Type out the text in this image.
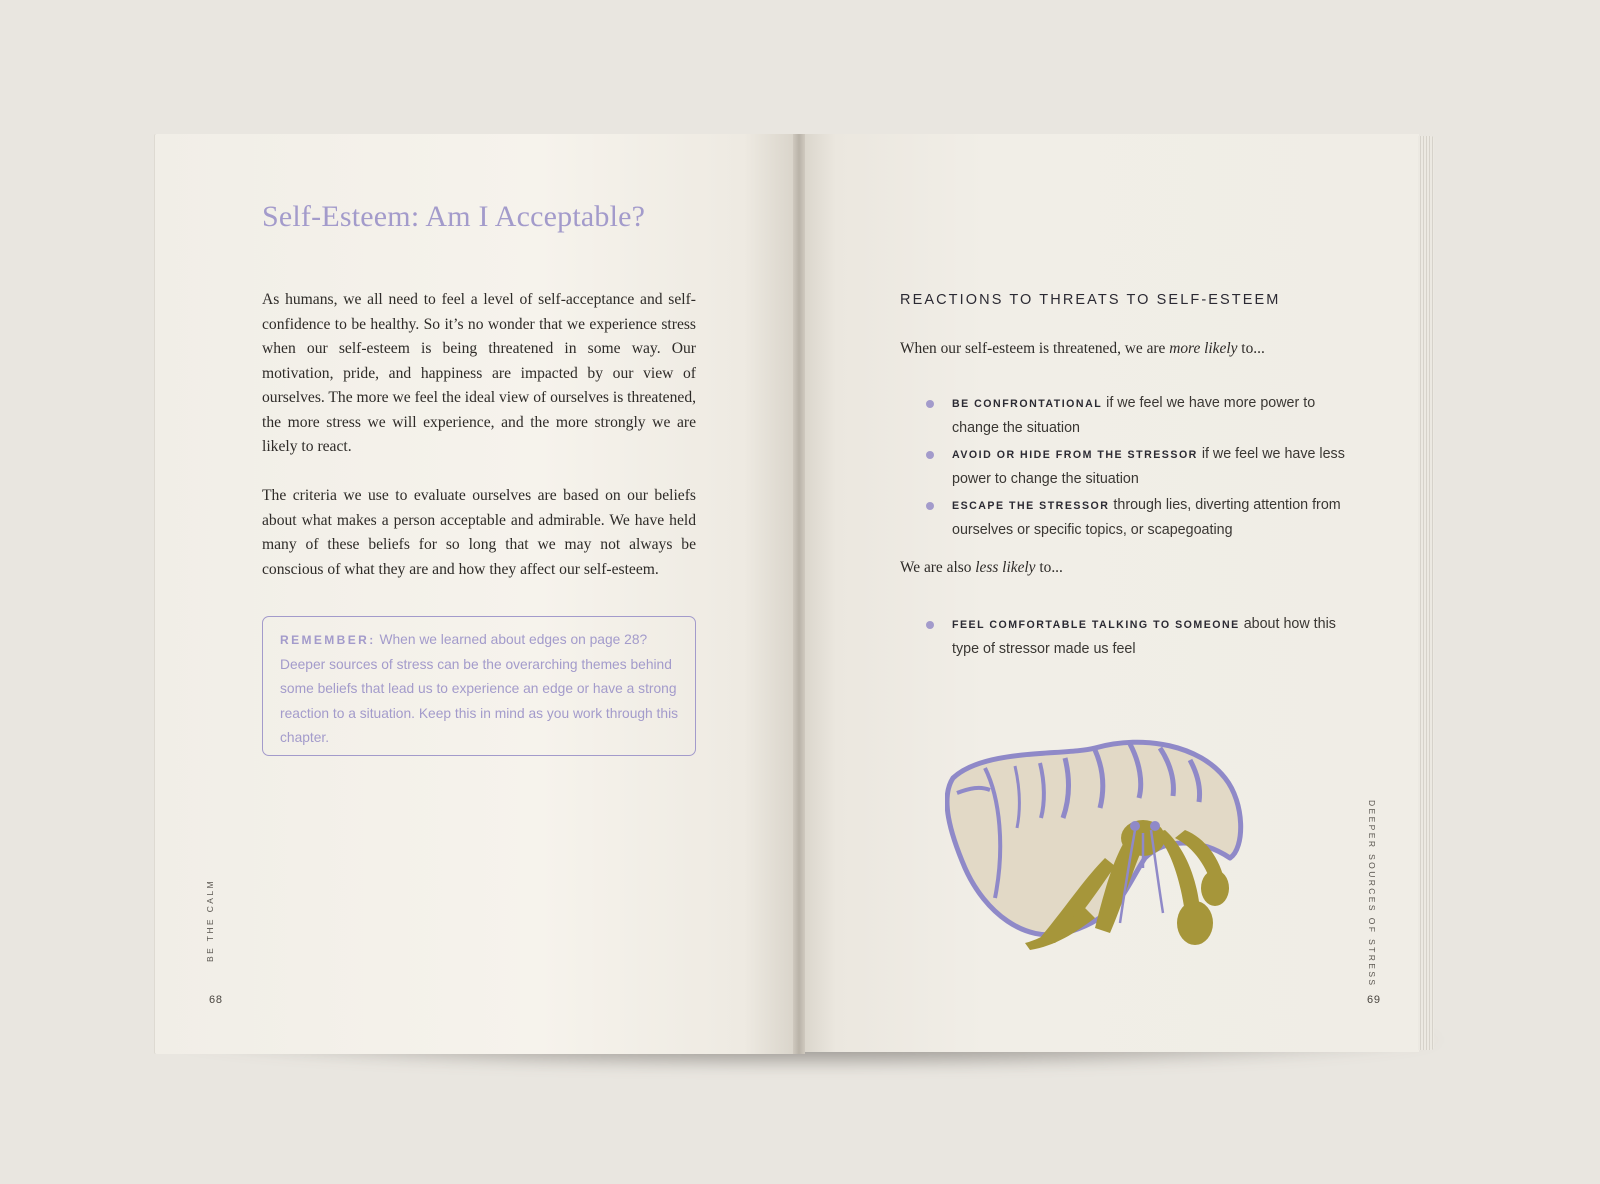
Self-Esteem: Am I Acceptable?
As humans, we all need to feel a level of self-acceptance and self-confidence to be healthy. So it’s no wonder that we experience stress when our self-esteem is being threatened in some way. Our motivation, pride, and happiness are impacted by our view of ourselves. The more we feel the ideal view of ourselves is threatened, the more stress we will experience, and the more strongly we are likely to react.
The criteria we use to evaluate ourselves are based on our beliefs about what makes a person acceptable and admirable. We have held many of these beliefs for so long that we may not always be conscious of what they are and how they affect our self-esteem.
REMEMBER: When we learned about edges on page 28? Deeper sources of stress can be the overarching themes behind some beliefs that lead us to experience an edge or have a strong reaction to a situation. Keep this in mind as you work through this chapter.
BE THE CALM
68
REACTIONS TO THREATS TO SELF-ESTEEM
When our self-esteem is threatened, we are more likely to...
BE CONFRONTATIONAL if we feel we have more power to change the situation
AVOID OR HIDE FROM THE STRESSOR if we feel we have less power to change the situation
ESCAPE THE STRESSOR through lies, diverting attention from ourselves or specific topics, or scapegoating
We are also less likely to...
FEEL COMFORTABLE TALKING TO SOMEONE about how this type of stressor made us feel
DEEPER SOURCES OF STRESS
69
